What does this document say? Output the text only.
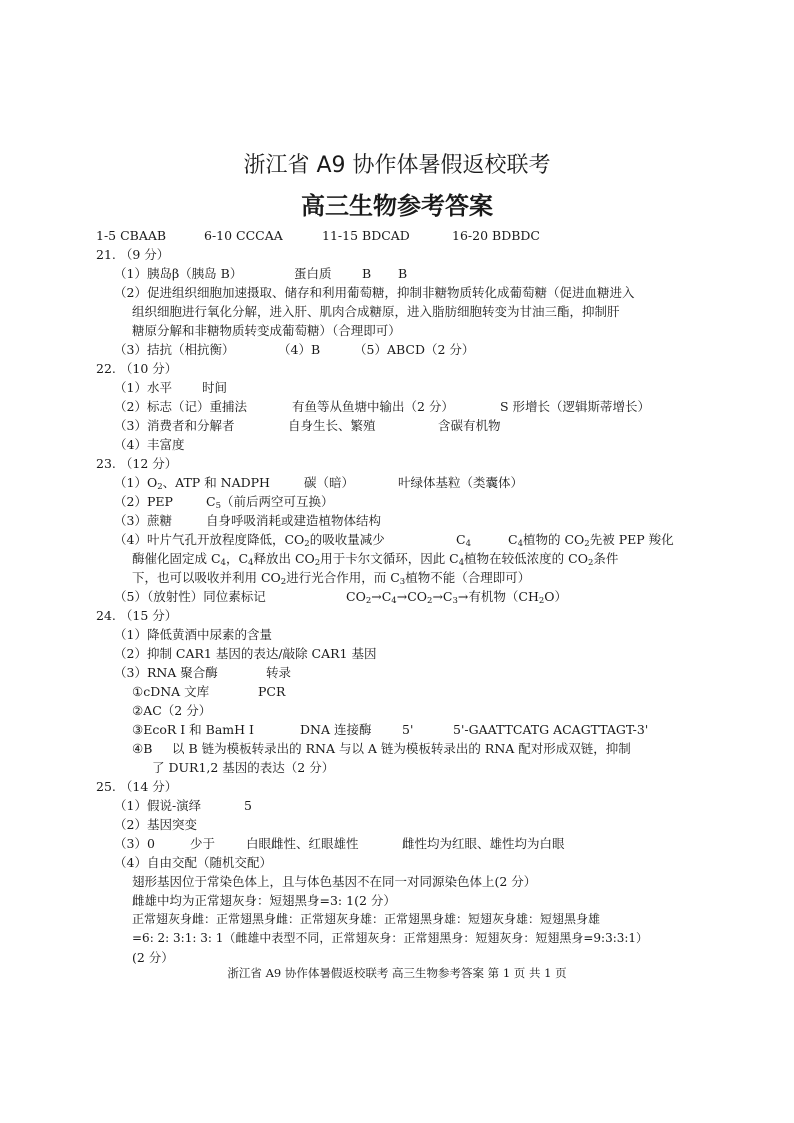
浙江省 A9 协作体暑假返校联考
高三生物参考答案
1-5 CBAAB	6-10 CCCAA	11-15 BDCAD	16-20 BDBDC
21. （9 分）
（1）胰岛β（胰岛 B）	蛋白质 B B
（2）促进组织细胞加速摄取、储存和利用葡萄糖，抑制非糖物质转化成葡萄糖（促进血糖进入
组织细胞进行氧化分解，进入肝、肌肉合成糖原，进入脂肪细胞转变为甘油三酯，抑制肝
糖原分解和非糖物质转变成葡萄糖）（合理即可）
（3）拮抗（相抗衡）	（4）B	（5）ABCD（2 分）
22. （10 分）
（1）水平 时间
（2）标志（记）重捕法	有鱼等从鱼塘中输出（2 分）	S 形增长（逻辑斯蒂增长）
（3）消费者和分解者	自身生长、繁殖	含碳有机物
（4）丰富度
23. （12 分）
$(1)O_2$、ATP 和 NADPH	碳（暗）	叶绿体基粒（类囊体）
（2）PEP	$C_5$（前后两空可互换）
（3）蔗糖	自身呼吸消耗或建造植物体结构
（4）叶片气孔开放程度降低，$CO_2$的吸收量减少	$C_4$	$C_4$植物的 $CO_2$先被 PEP 羧化
酶催化固定成 $C_4$，$C_4$释放出 $CO_2$用于卡尔文循环，因此 $C_4$植物在较低浓度的 $CO_2$条件
下，也可以吸收并利用 $CO_2$进行光合作用，而 $C_3$植物不能（合理即可）
（5）（放射性）同位素标记	$CO_2\to C_4\to CO_2\to C_3\to$有机物$(CH_2O)$
24. （15 分）
（1）降低黄酒中尿素的含量
（2）抑制 CAR1 基因的表达/敲除 CAR1 基因
（3）RNA 聚合酶	转录
①cDNA 文库	PCR
②AC（2 分）
③EcoR I 和 BamH I	DNA 连接酶 5'	5'-GAATTCATG ACAGTTAGT-3'
④B 以 B 链为模板转录出的 RNA 与以 A 链为模板转录出的 RNA 配对形成双链，抑制
了 DUR1,2 基因的表达（2 分）
25. （14 分）
（1）假说-演绎	5
（2）基因突变
（3）0	少于 白眼雌性、红眼雄性	雌性均为红眼、雄性均为白眼
（4）自由交配（随机交配）
翅形基因位于常染色体上，且与体色基因不在同一对同源染色体上(2 分）
雌雄中均为正常翅灰身：短翅黑身=3: 1(2 分）
正常翅灰身雌：正常翅黑身雌：正常翅灰身雄：正常翅黑身雄：短翅灰身雄：短翅黑身雄
=6: 2: 3:1: 3: 1（雌雄中表型不同，正常翅灰身：正常翅黑身：短翅灰身：短翅黑身=9:3:3:1）
(2 分）
浙江省 A9 协作体暑假返校联考 高三生物参考答案 第 1 页 共 1 页
